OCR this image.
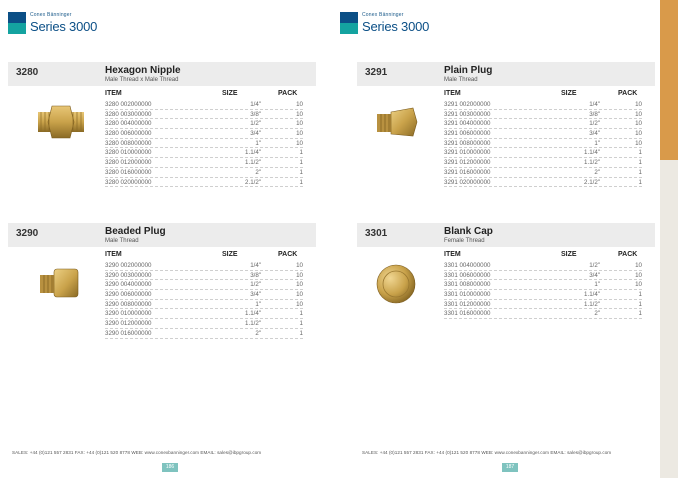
Conex Bänninger
Series 3000
3280	Hexagon Nipple
Male Thread x Male Thread
ITEM	SIZE	PACK
3280 002000000	1/4"	10
3280 003000000	3/8"	10
3280 004000000	1/2"	10
3280 006000000	3/4"	10
3280 008000000	1"	10
3280 010000000	1.1/4"	1
3280 012000000	1.1/2"	1
3280 016000000	2"	1
3280 020000000	2.1/2"	1
3290	Beaded Plug
Male Thread
ITEM	SIZE	PACK
3290 002000000	1/4"	10
3290 003000000	3/8"	10
3290 004000000	1/2"	10
3290 006000000	3/4"	10
3290 008000000	1"	10
3290 010000000	1.1/4"	1
3290 012000000	1.1/2"	1
3290 016000000	2"	1
SALES: +44 (0)121 557 2831 FAX: +44 (0)121 520 8778 WEB: www.conexbanninger.com EMAIL: sales@ibpgroup.com
186
Conex Bänninger
Series 3000
3291	Plain Plug
Male Thread
ITEM	SIZE	PACK
3291 002000000	1/4"	10
3291 003000000	3/8"	10
3291 004000000	1/2"	10
3291 006000000	3/4"	10
3291 008000000	1"	10
3291 010000000	1.1/4"	1
3291 012000000	1.1/2"	1
3291 016000000	2"	1
3291 020000000	2.1/2"	1
3301	Blank Cap
Female Thread
ITEM	SIZE	PACK
3301 004000000	1/2"	10
3301 006000000	3/4"	10
3301 008000000	1"	10
3301 010000000	1.1/4"	1
3301 012000000	1.1/2"	1
3301 016000000	2"	1
SALES: +44 (0)121 557 2831 FAX: +44 (0)121 520 8778 WEB: www.conexbanninger.com EMAIL: sales@ibpgroup.com
187
